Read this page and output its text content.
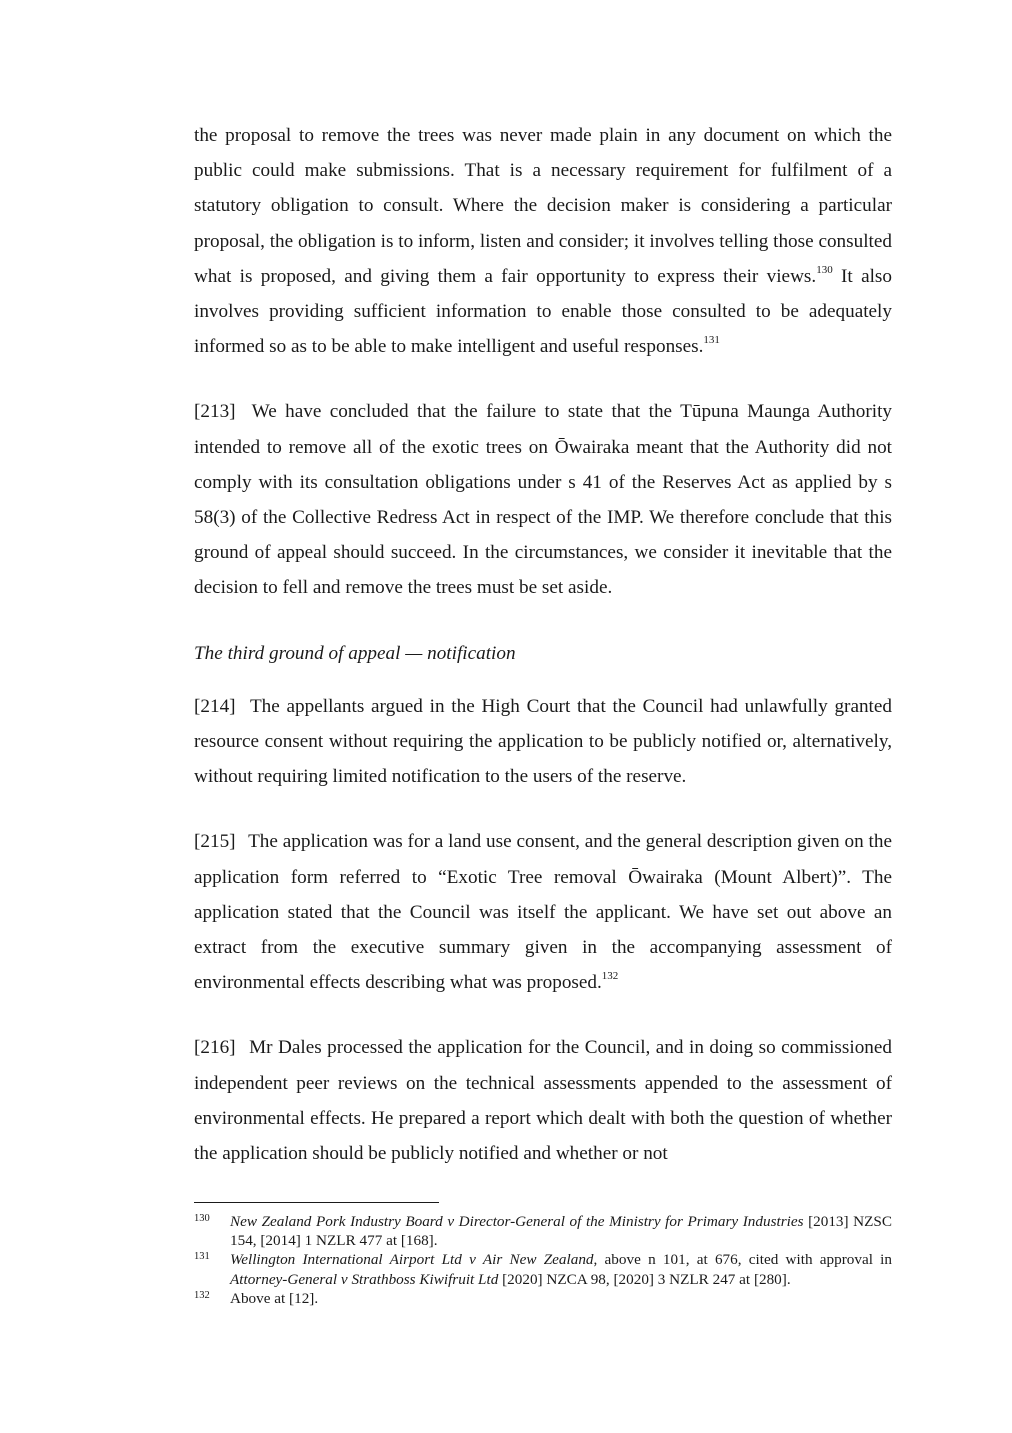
the proposal to remove the trees was never made plain in any document on which the public could make submissions. That is a necessary requirement for fulfilment of a statutory obligation to consult. Where the decision maker is considering a particular proposal, the obligation is to inform, listen and consider; it involves telling those consulted what is proposed, and giving them a fair opportunity to express their views.$^{130}$ It also involves providing sufficient information to enable those consulted to be adequately informed so as to be able to make intelligent and useful responses.$^{131}$

[213] We have concluded that the failure to state that the Tūpuna Maunga Authority intended to remove all of the exotic trees on Ōwairaka meant that the Authority did not comply with its consultation obligations under s 41 of the Reserves Act as applied by s 58(3) of the Collective Redress Act in respect of the IMP. We therefore conclude that this ground of appeal should succeed. In the circumstances, we consider it inevitable that the decision to fell and remove the trees must be set aside.

The third ground of appeal — notification

[214] The appellants argued in the High Court that the Council had unlawfully granted resource consent without requiring the application to be publicly notified or, alternatively, without requiring limited notification to the users of the reserve.

[215] The application was for a land use consent, and the general description given on the application form referred to “Exotic Tree removal Ōwairaka (Mount Albert)”. The application stated that the Council was itself the applicant. We have set out above an extract from the executive summary given in the accompanying assessment of environmental effects describing what was proposed.$^{132}$

[216] Mr Dales processed the application for the Council, and in doing so commissioned independent peer reviews on the technical assessments appended to the assessment of environmental effects. He prepared a report which dealt with both the question of whether the application should be publicly notified and whether or not

130 New Zealand Pork Industry Board v Director-General of the Ministry for Primary Industries [2013] NZSC 154, [2014] 1 NZLR 477 at [168].
131 Wellington International Airport Ltd v Air New Zealand, above n 101, at 676, cited with approval in Attorney-General v Strathboss Kiwifruit Ltd [2020] NZCA 98, [2020] 3 NZLR 247 at [280].
132 Above at [12].
